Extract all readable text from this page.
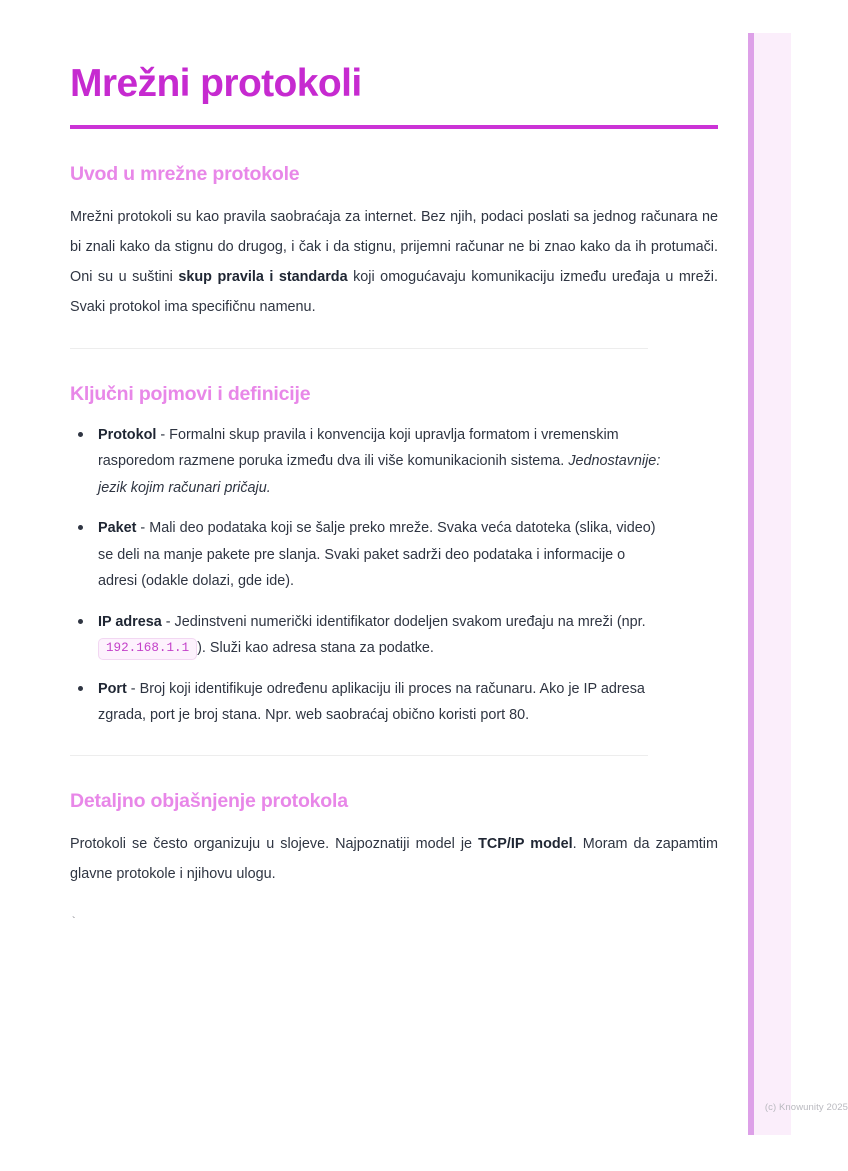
Mrežni protokoli
Uvod u mrežne protokole

Mrežni protokoli su kao pravila saobraćaja za internet. Bez njih, podaci poslati sa jednog računara ne bi znali kako da stignu do drugog, i čak i da stignu, prijemni računar ne bi znao kako da ih protumači. Oni su u suštini skup pravila i standarda koji omogućavaju komunikaciju između uređaja u mreži. Svaki protokol ima specifičnu namenu.

Ključni pojmovi i definicije
Protokol - Formalni skup pravila i konvencija koji upravlja formatom i vremenskim rasporedom razmene poruka između dva ili više komunikacionih sistema. Jednostavnije: jezik kojim računari pričaju.
Paket - Mali deo podataka koji se šalje preko mreže. Svaka veća datoteka (slika, video) se deli na manje pakete pre slanja. Svaki paket sadrži deo podataka i informacije o adresi (odakle dolazi, gde ide).
IP adresa - Jedinstveni numerički identifikator dodeljen svakom uređaju na mreži (npr. 192.168.1.1 ). Služi kao adresa stana za podatke.
Port - Broj koji identifikuje određenu aplikaciju ili proces na računaru. Ako je IP adresa zgrada, port je broj stana. Npr. web saobraćaj obično koristi port 80.
Detaljno objašnjenje protokola

Protokoli se često organizuju u slojeve. Najpoznatiji model je TCP/IP model. Moram da zapamtim glavne protokole i njihovu ulogu.

`
(c) Knowunity 2025
